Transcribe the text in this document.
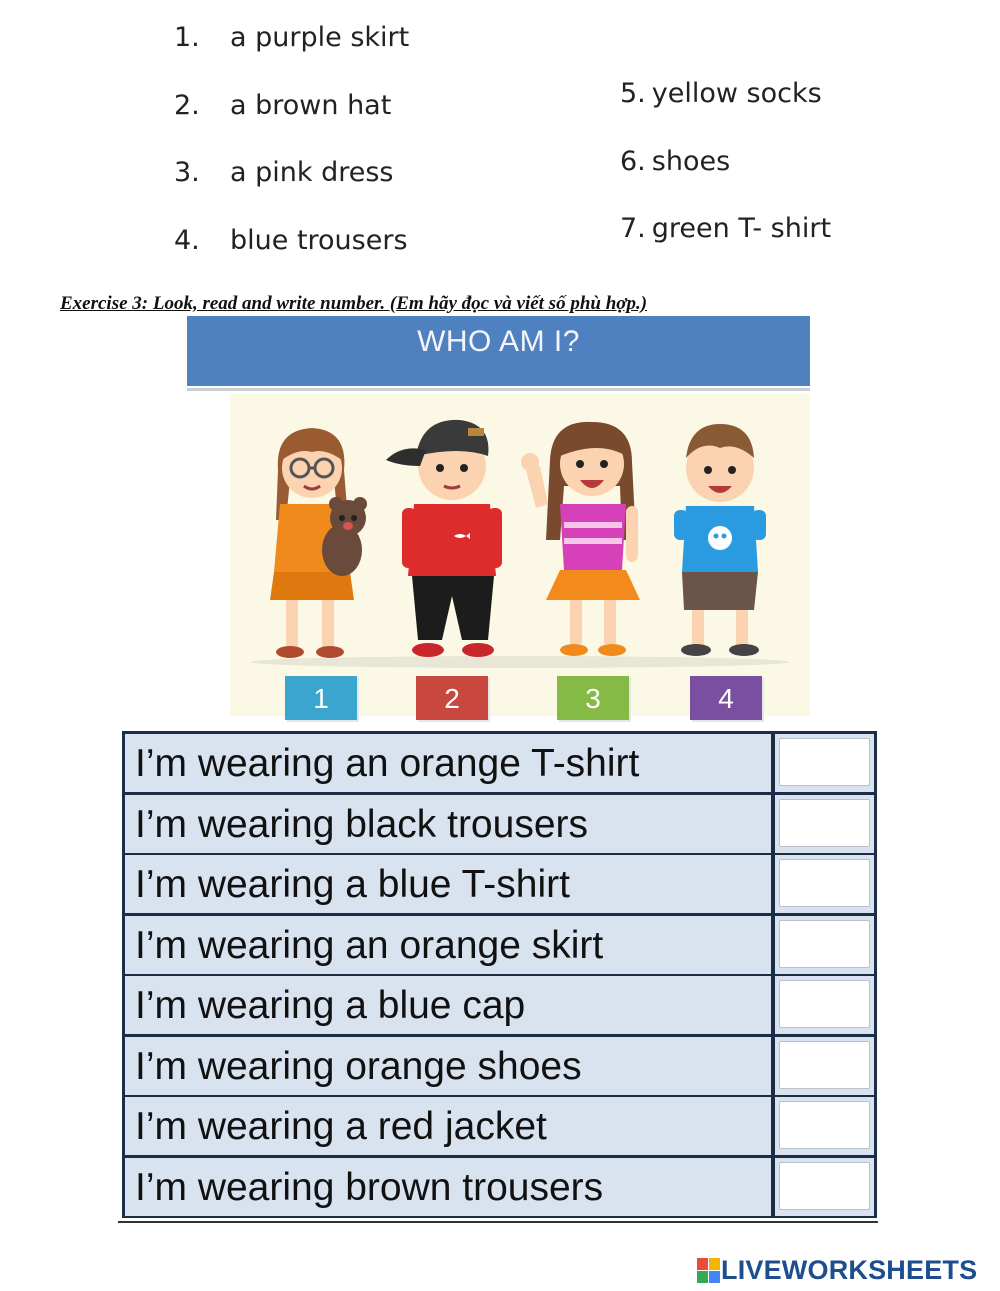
1. a purple skirt
2. a brown hat
3. a pink dress
4. blue trousers
5. yellow socks
6. shoes
7. green T- shirt
Exercise 3: Look, read and write number. (Em hãy đọc và viết số phù hợp.)
WHO AM I?
1	2	3	4
I’m wearing an orange T-shirt
I’m wearing black trousers
I’m wearing a blue T-shirt
I’m wearing an orange skirt
I’m wearing a blue cap
I’m wearing orange shoes
I’m wearing a red jacket
I’m wearing brown trousers
LIVEWORKSHEETS
